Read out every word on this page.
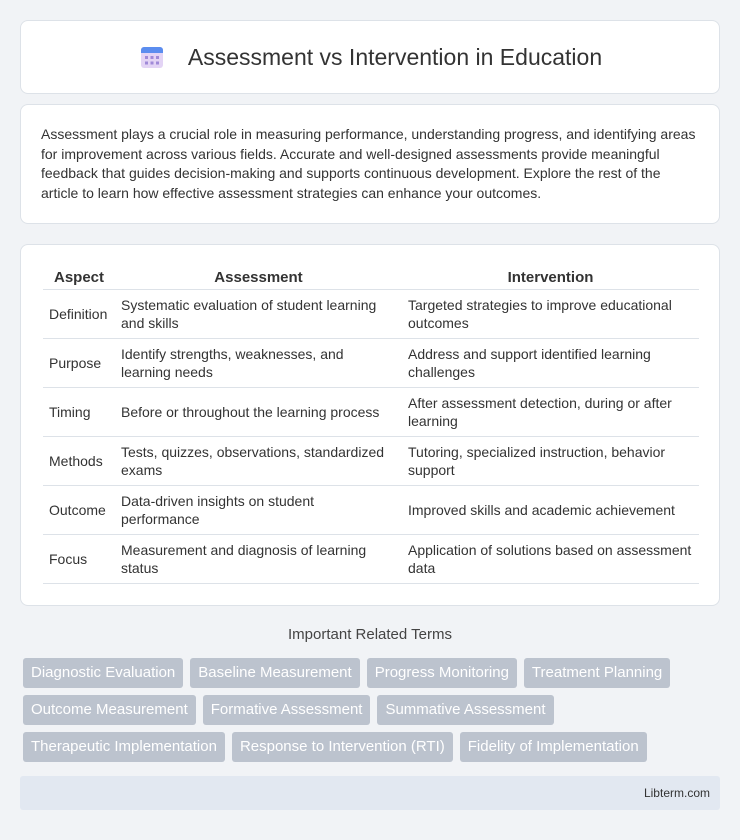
Assessment vs Intervention in Education

Assessment plays a crucial role in measuring performance, understanding progress, and identifying areas for improvement across various fields. Accurate and well-designed assessments provide meaningful feedback that guides decision-making and supports continuous development. Explore the rest of the article to learn how effective assessment strategies can enhance your outcomes.

Aspect	Assessment	Intervention
Definition	Systematic evaluation of student learning and skills	Targeted strategies to improve educational outcomes
Purpose	Identify strengths, weaknesses, and learning needs	Address and support identified learning challenges
Timing	Before or throughout the learning process	After assessment detection, during or after learning
Methods	Tests, quizzes, observations, standardized exams	Tutoring, specialized instruction, behavior support
Outcome	Data-driven insights on student performance	Improved skills and academic achievement
Focus	Measurement and diagnosis of learning status	Application of solutions based on assessment data
Important Related Terms
Diagnostic Evaluation	Baseline Measurement	Progress Monitoring	Treatment Planning
Outcome Measurement	Formative Assessment	Summative Assessment
Therapeutic Implementation	Response to Intervention (RTI)	Fidelity of Implementation
Libterm.com
